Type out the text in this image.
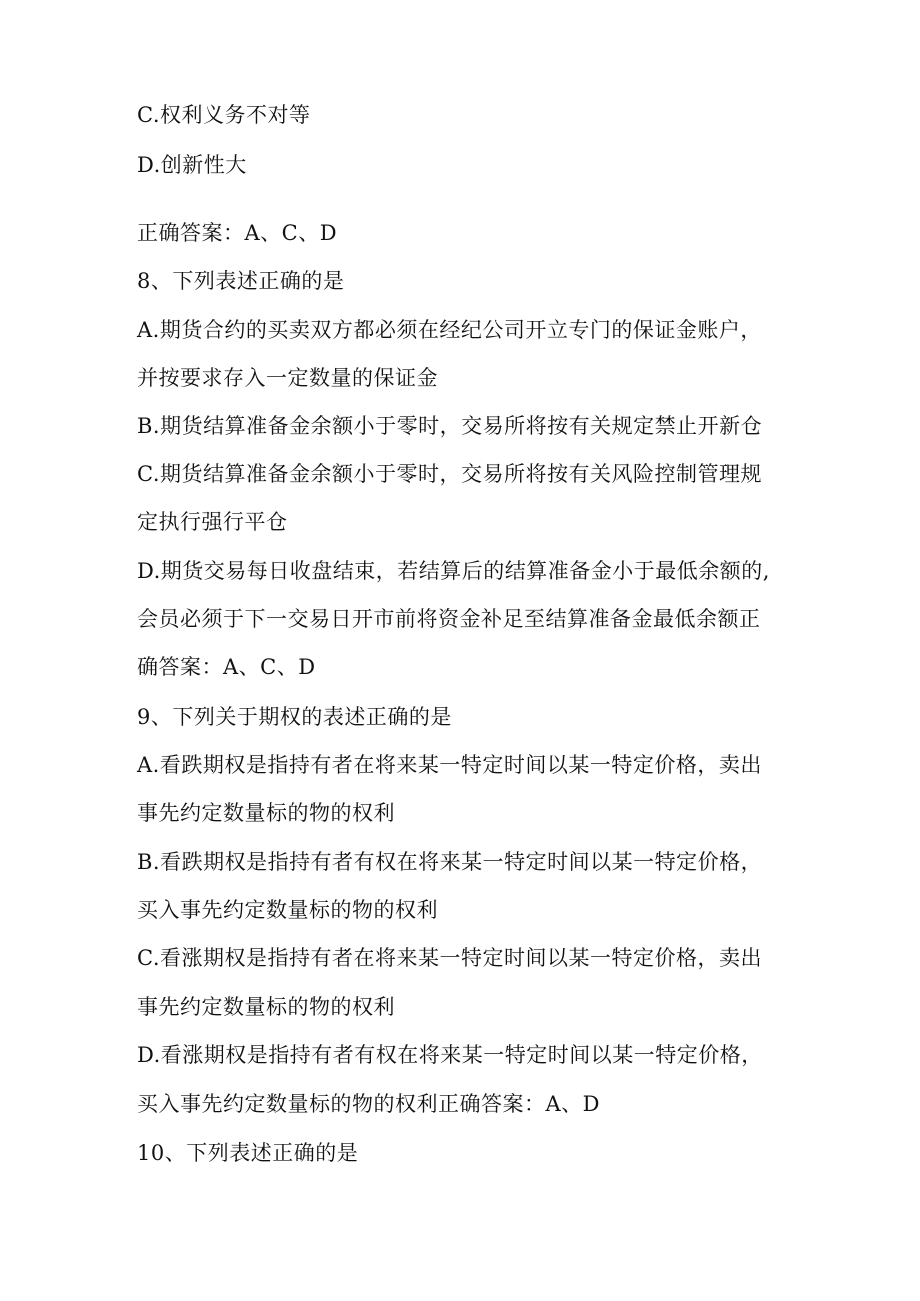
C.权利义务不对等
D.创新性大
正确答案：A、C、D
8、下列表述正确的是
A.期货合约的买卖双方都必须在经纪公司开立专门的保证金账户，
并按要求存入一定数量的保证金
B.期货结算准备金余额小于零时，交易所将按有关规定禁止开新仓
C.期货结算准备金余额小于零时，交易所将按有关风险控制管理规
定执行强行平仓
D.期货交易每日收盘结束，若结算后的结算准备金小于最低余额的,
会员必须于下一交易日开市前将资金补足至结算准备金最低余额正
确答案：A、C、D
9、下列关于期权的表述正确的是
A.看跌期权是指持有者在将来某一特定时间以某一特定价格，卖出
事先约定数量标的物的权利
B.看跌期权是指持有者有权在将来某一特定时间以某一特定价格，
买入事先约定数量标的物的权利
C.看涨期权是指持有者在将来某一特定时间以某一特定价格，卖出
事先约定数量标的物的权利
D.看涨期权是指持有者有权在将来某一特定时间以某一特定价格，
买入事先约定数量标的物的权利正确答案：A、D
10、下列表述正确的是
